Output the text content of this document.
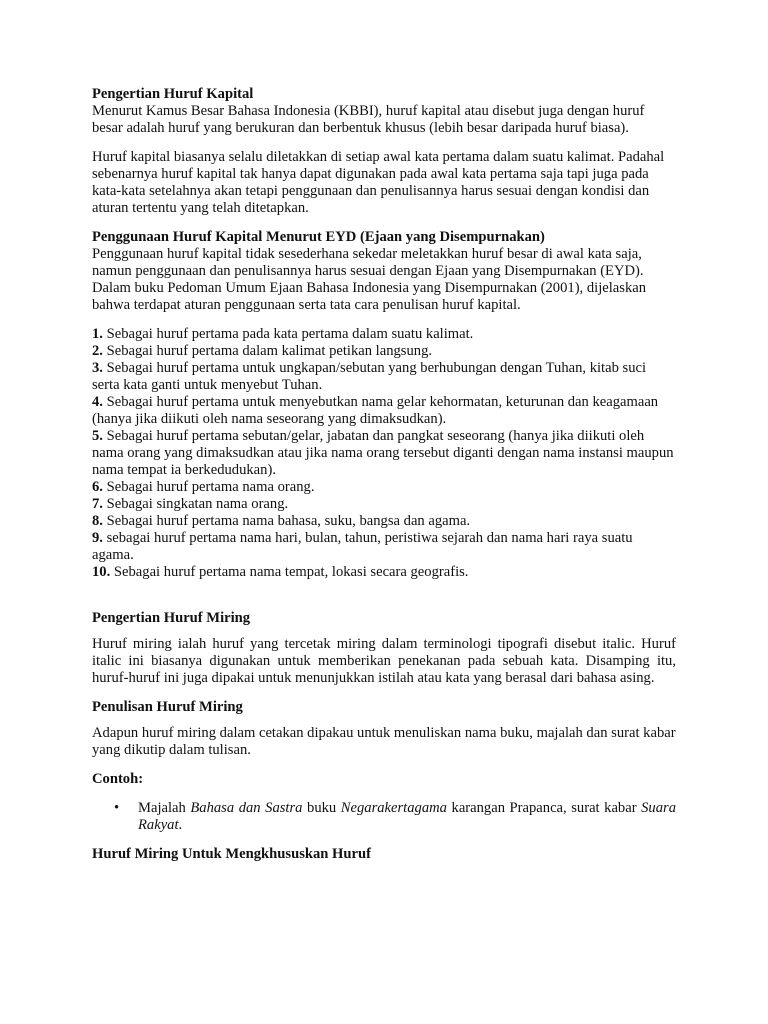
Pengertian Huruf Kapital

Menurut Kamus Besar Bahasa Indonesia (KBBI), huruf kapital atau disebut juga dengan huruf besar adalah huruf yang berukuran dan berbentuk khusus (lebih besar daripada huruf biasa).

Huruf kapital biasanya selalu diletakkan di setiap awal kata pertama dalam suatu kalimat. Padahal sebenarnya huruf kapital tak hanya dapat digunakan pada awal kata pertama saja tapi juga pada kata-kata setelahnya akan tetapi penggunaan dan penulisannya harus sesuai dengan kondisi dan aturan tertentu yang telah ditetapkan.

Penggunaan Huruf Kapital Menurut EYD (Ejaan yang Disempurnakan)

Penggunaan huruf kapital tidak sesederhana sekedar meletakkan huruf besar di awal kata saja, namun penggunaan dan penulisannya harus sesuai dengan Ejaan yang Disempurnakan (EYD). Dalam buku Pedoman Umum Ejaan Bahasa Indonesia yang Disempurnakan (2001), dijelaskan bahwa terdapat aturan penggunaan serta tata cara penulisan huruf kapital.

1. Sebagai huruf pertama pada kata pertama dalam suatu kalimat.
2. Sebagai huruf pertama dalam kalimat petikan langsung.
3. Sebagai huruf pertama untuk ungkapan/sebutan yang berhubungan dengan Tuhan, kitab suci serta kata ganti untuk menyebut Tuhan.
4. Sebagai huruf pertama untuk menyebutkan nama gelar kehormatan, keturunan dan keagamaan (hanya jika diikuti oleh nama seseorang yang dimaksudkan).
5. Sebagai huruf pertama sebutan/gelar, jabatan dan pangkat seseorang (hanya jika diikuti oleh nama orang yang dimaksudkan atau jika nama orang tersebut diganti dengan nama instansi maupun nama tempat ia berkedudukan).
6. Sebagai huruf pertama nama orang.
7. Sebagai singkatan nama orang.
8. Sebagai huruf pertama nama bahasa, suku, bangsa dan agama.
9. sebagai huruf pertama nama hari, bulan, tahun, peristiwa sejarah dan nama hari raya suatu agama.
10. Sebagai huruf pertama nama tempat, lokasi secara geografis.
Pengertian Huruf Miring

Huruf miring ialah huruf yang tercetak miring dalam terminologi tipografi disebut italic. Huruf italic ini biasanya digunakan untuk memberikan penekanan pada sebuah kata. Disamping itu, huruf-huruf ini juga dipakai untuk menunjukkan istilah atau kata yang berasal dari bahasa asing.

Penulisan Huruf Miring

Adapun huruf miring dalam cetakan dipakau untuk menuliskan nama buku, majalah dan surat kabar yang dikutip dalam tulisan.

Contoh:
• Majalah Bahasa dan Sastra buku Negarakertagama karangan Prapanca, surat kabar Suara Rakyat.
Huruf Miring Untuk Mengkhususkan Huruf
